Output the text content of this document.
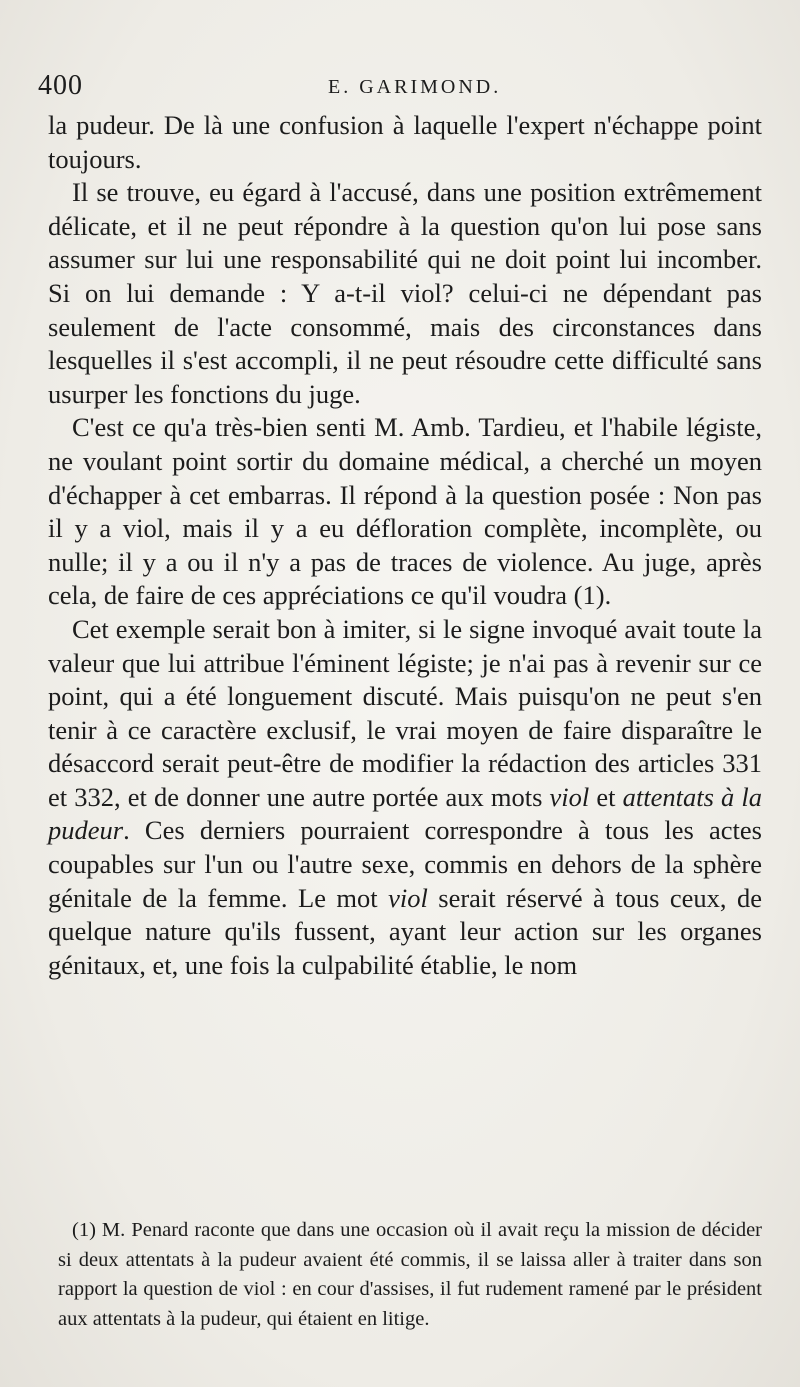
400	E. GARIMOND.

la pudeur. De là une confusion à laquelle l'expert n'échappe point toujours.

Il se trouve, eu égard à l'accusé, dans une position extrêmement délicate, et il ne peut répondre à la question qu'on lui pose sans assumer sur lui une responsabilité qui ne doit point lui incomber. Si on lui demande : Y a-t-il viol? celui-ci ne dépendant pas seulement de l'acte consommé, mais des circonstances dans lesquelles il s'est accompli, il ne peut résoudre cette difficulté sans usurper les fonctions du juge.

C'est ce qu'a très-bien senti M. Amb. Tardieu, et l'habile légiste, ne voulant point sortir du domaine médical, a cherché un moyen d'échapper à cet embarras. Il répond à la question posée : Non pas il y a viol, mais il y a eu défloration complète, incomplète, ou nulle; il y a ou il n'y a pas de traces de violence. Au juge, après cela, de faire de ces appréciations ce qu'il voudra (1).

Cet exemple serait bon à imiter, si le signe invoqué avait toute la valeur que lui attribue l'éminent légiste; je n'ai pas à revenir sur ce point, qui a été longuement discuté. Mais puisqu'on ne peut s'en tenir à ce caractère exclusif, le vrai moyen de faire disparaître le désaccord serait peut-être de modifier la rédaction des articles 331 et 332, et de donner une autre portée aux mots viol et attentats à la pudeur. Ces derniers pourraient correspondre à tous les actes coupables sur l'un ou l'autre sexe, commis en dehors de la sphère génitale de la femme. Le mot viol serait réservé à tous ceux, de quelque nature qu'ils fussent, ayant leur action sur les organes génitaux, et, une fois la culpabilité établie, le nom

(1) M. Penard raconte que dans une occasion où il avait reçu la mission de décider si deux attentats à la pudeur avaient été commis, il se laissa aller à traiter dans son rapport la question de viol : en cour d'assises, il fut rudement ramené par le président aux attentats à la pudeur, qui étaient en litige.
